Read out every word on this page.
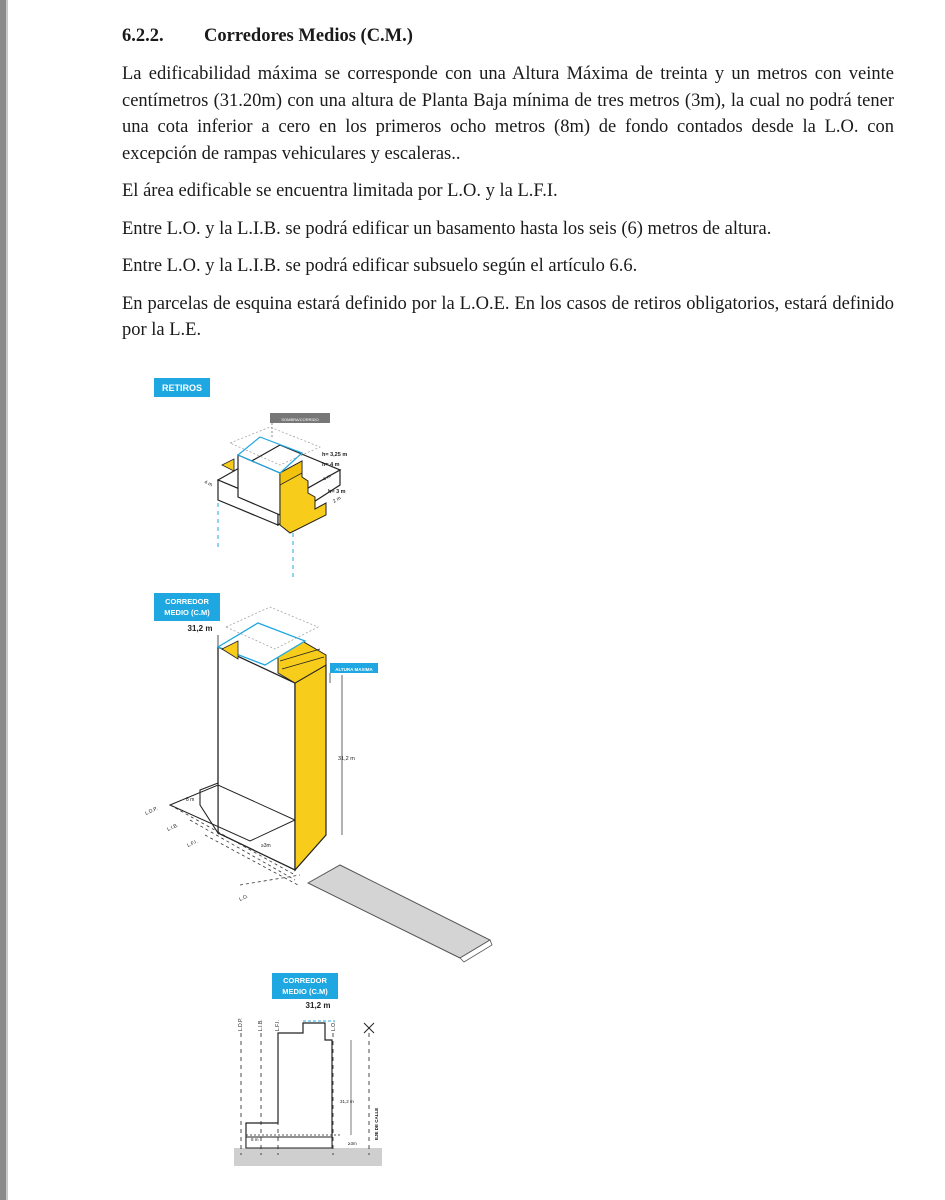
6.2.2. Corredores Medios (C.M.)

La edificabilidad máxima se corresponde con una Altura Máxima de treinta y un metros con veinte centímetros (31.20m) con una altura de Planta Baja mínima de tres metros (3m), la cual no podrá tener una cota inferior a cero en los primeros ocho metros (8m) de fondo contados desde la L.O. con excepción de rampas vehiculares y escaleras..

El área edificable se encuentra limitada por L.O. y la L.F.I.

Entre L.O. y la L.I.B. se podrá edificar un basamento hasta los seis (6) metros de altura.

Entre L.O. y la L.I.B. se podrá edificar subsuelo según el artículo 6.6.

En parcelas de esquina estará definido por la L.O.E. En los casos de retiros obligatorios, estará definido por la L.E.

RETIROS
SOMBRA/CORRIDO
h= 3,25 m
h= 4 m
4 m
h= 3 m
2 m
4 m
CORREDOR
MEDIO (C.M)
31,2 m
ALTURA MAXIMA
31,2 m
≥3m
8 m
L.D.P.
L.I.B.
L.F.I.
L.O.
CORREDOR
MEDIO (C.M)
31,2 m
L.D.P.	L.I.B. L.F.I.	L.O.
31,2 m
≥3m
8 m	EJE DE CALLE
